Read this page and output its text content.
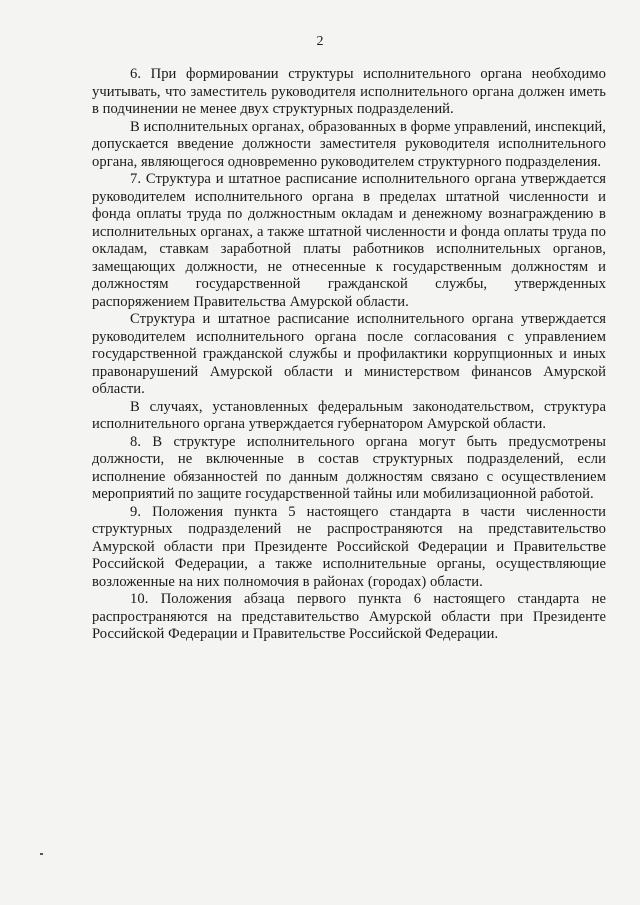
2

6. При формировании структуры исполнительного органа необходимо учитывать, что заместитель руководителя исполнительного органа должен иметь в подчинении не менее двух структурных подразделений.

В исполнительных органах, образованных в форме управлений, инспекций, допускается введение должности заместителя руководителя исполнительного органа, являющегося одновременно руководителем структурного подразделения.

7. Структура и штатное расписание исполнительного органа утверждается руководителем исполнительного органа в пределах штатной численности и фонда оплаты труда по должностным окладам и денежному вознаграждению в исполнительных органах, а также штатной численности и фонда оплаты труда по окладам, ставкам заработной платы работников исполнительных органов, замещающих должности, не отнесенные к государственным должностям и должностям государственной гражданской службы, утвержденных распоряжением Правительства Амурской области.

Структура и штатное расписание исполнительного органа утверждается руководителем исполнительного органа после согласования с управлением государственной гражданской службы и профилактики коррупционных и иных правонарушений Амурской области и министерством финансов Амурской области.

В случаях, установленных федеральным законодательством, структура исполнительного органа утверждается губернатором Амурской области.

8. В структуре исполнительного органа могут быть предусмотрены должности, не включенные в состав структурных подразделений, если исполнение обязанностей по данным должностям связано с осуществлением мероприятий по защите государственной тайны или мобилизационной работой.

9. Положения пункта 5 настоящего стандарта в части численности структурных подразделений не распространяются на представительство Амурской области при Президенте Российской Федерации и Правительстве Российской Федерации, а также исполнительные органы, осуществляющие возложенные на них полномочия в районах (городах) области.

10. Положения абзаца первого пункта 6 настоящего стандарта не распространяются на представительство Амурской области при Президенте Российской Федерации и Правительстве Российской Федерации.
